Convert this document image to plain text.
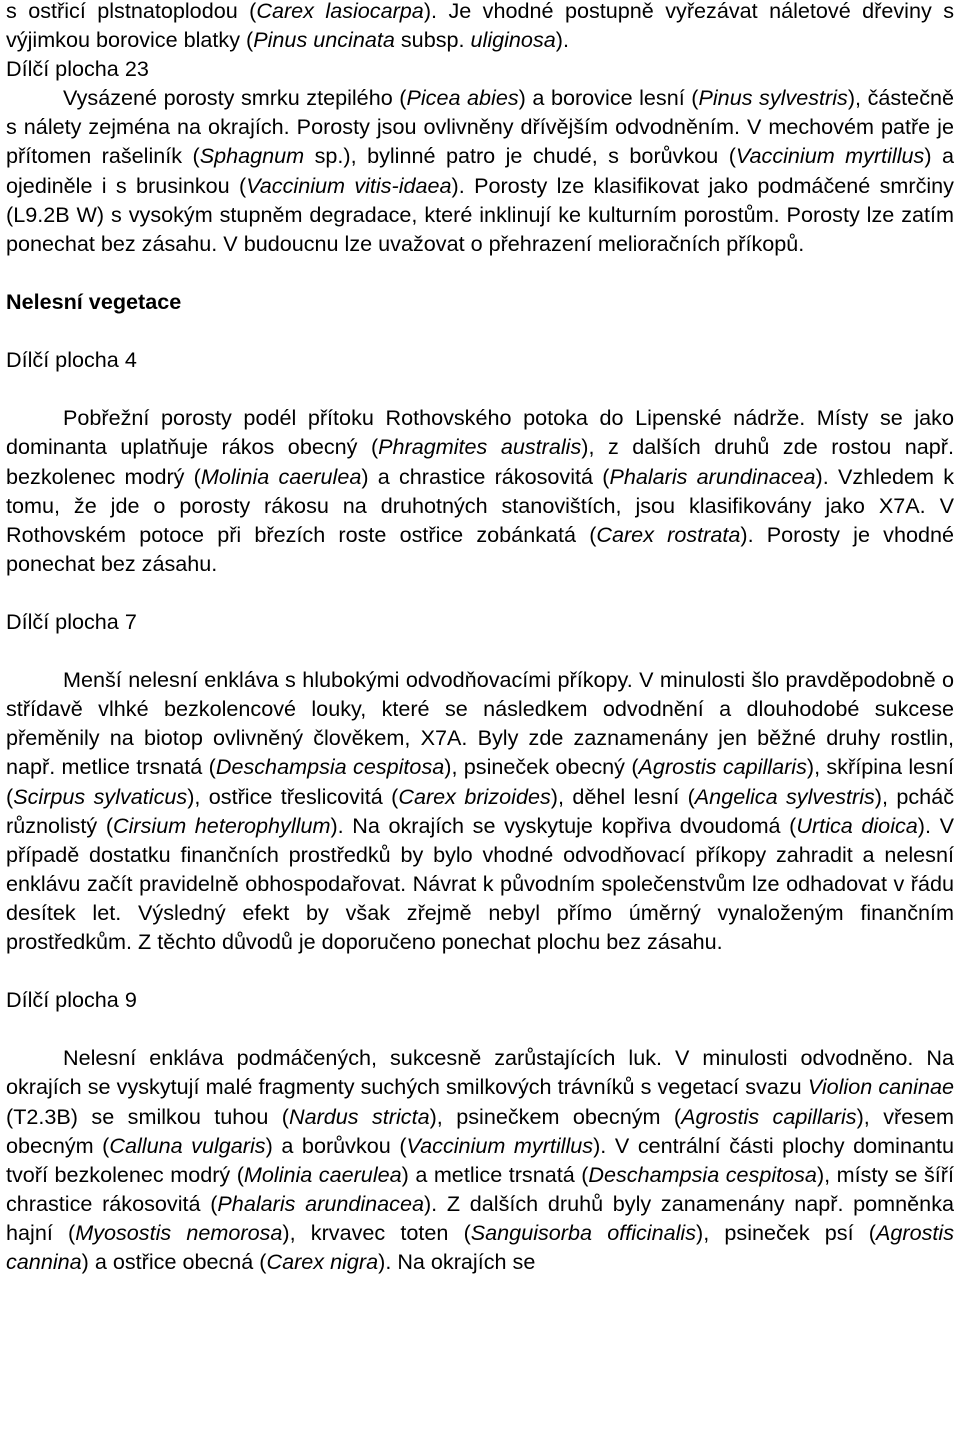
s ostřicí plstnatoplodou (Carex lasiocarpa). Je vhodné postupně vyřezávat náletové dřeviny s výjimkou borovice blatky (Pinus uncinata subsp. uliginosa).

Dílčí plocha 23

Vysázené porosty smrku ztepilého (Picea abies) a borovice lesní (Pinus sylvestris), částečně s nálety zejména na okrajích. Porosty jsou ovlivněny dřívějším odvodněním. V mechovém patře je přítomen rašeliník (Sphagnum sp.), bylinné patro je chudé, s borůvkou (Vaccinium myrtillus) a ojediněle i s brusinkou (Vaccinium vitis-idaea). Porosty lze klasifikovat jako podmáčené smrčiny (L9.2B W) s vysokým stupněm degradace, které inklinují ke kulturním porostům. Porosty lze zatím ponechat bez zásahu. V budoucnu lze uvažovat o přehrazení melioračních příkopů.

Nelesní vegetace

Dílčí plocha 4

Pobřežní porosty podél přítoku Rothovského potoka do Lipenské nádrže. Místy se jako dominanta uplatňuje rákos obecný (Phragmites australis), z dalších druhů zde rostou např. bezkolenec modrý (Molinia caerulea) a chrastice rákosovitá (Phalaris arundinacea). Vzhledem k tomu, že jde o porosty rákosu na druhotných stanovištích, jsou klasifikovány jako X7A. V Rothovském potoce při březích roste ostřice zobánkatá (Carex rostrata). Porosty je vhodné ponechat bez zásahu.

Dílčí plocha 7

Menší nelesní enkláva s hlubokými odvodňovacími příkopy. V minulosti šlo pravděpodobně o střídavě vlhké bezkolencové louky, které se následkem odvodnění a dlouhodobé sukcese přeměnily na biotop ovlivněný člověkem, X7A. Byly zde zaznamenány jen běžné druhy rostlin, např. metlice trsnatá (Deschampsia cespitosa), psineček obecný (Agrostis capillaris), skřípina lesní (Scirpus sylvaticus), ostřice třeslicovitá (Carex brizoides), děhel lesní (Angelica sylvestris), pcháč různolistý (Cirsium heterophyllum). Na okrajích se vyskytuje kopřiva dvoudomá (Urtica dioica). V případě dostatku finančních prostředků by bylo vhodné odvodňovací příkopy zahradit a nelesní enklávu začít pravidelně obhospodařovat. Návrat k původním společenstvům lze odhadovat v řádu desítek let. Výsledný efekt by však zřejmě nebyl přímo úměrný vynaloženým finančním prostředkům. Z těchto důvodů je doporučeno ponechat plochu bez zásahu.

Dílčí plocha 9

Nelesní enkláva podmáčených, sukcesně zarůstajících luk. V minulosti odvodněno. Na okrajích se vyskytují malé fragmenty suchých smilkových trávníků s vegetací svazu Violion caninae (T2.3B) se smilkou tuhou (Nardus stricta), psinečkem obecným (Agrostis capillaris), vřesem obecným (Calluna vulgaris) a borůvkou (Vaccinium myrtillus). V centrální části plochy dominantu tvoří bezkolenec modrý (Molinia caerulea) a metlice trsnatá (Deschampsia cespitosa), místy se šíří chrastice rákosovitá (Phalaris arundinacea). Z dalších druhů byly zanamenány např. pomněnka hajní (Myosostis nemorosa), krvavec toten (Sanguisorba officinalis), psineček psí (Agrostis cannina) a ostřice obecná (Carex nigra). Na okrajích se
